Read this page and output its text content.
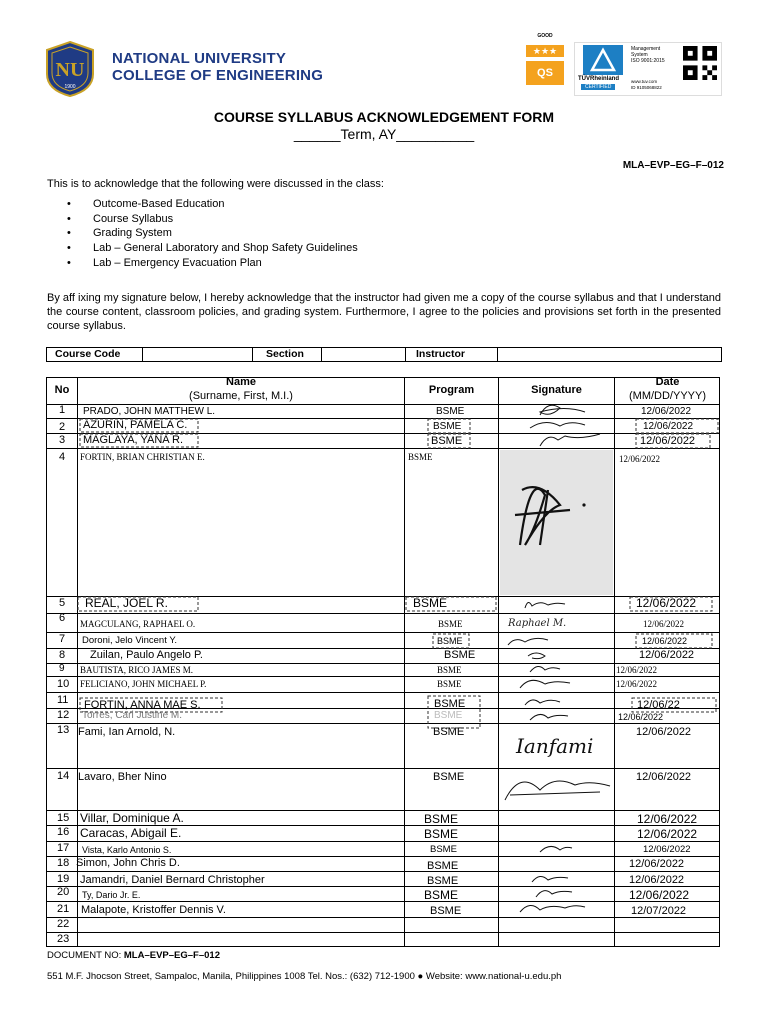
NU
1900
NATIONAL UNIVERSITY
COLLEGE OF ENGINEERING
GOOD
★★★
QS	TÜVRheinland
CERTIFIED
Management
System
ISO 9001:2015
www.tuv.com
ID 9105068822
COURSE SYLLABUS ACKNOWLEDGEMENT FORM
______Term, AY__________
MLA–EVP–EG–F–012
This is to acknowledge that the following were discussed in the class:
• Outcome-Based Education
• Course Syllabus
• Grading System
• Lab – General Laboratory and Shop Safety Guidelines
• Lab – Emergency Evacuation Plan
By aff ixing my signature below, I hereby acknowledge that the instructor had given me a copy of the course syllabus and that I understand the course content, classroom policies, and grading system. Furthermore, I agree to the policies and provisions set forth in the presented course syllabus.
Course Code	Section	Instructor
Ianfami
Raphael M.
No
Name
(Surname, First, M.I.)	Program	Signature
Date
(MM/DD/YYYY)
1 PRADO, JOHN MATTHEW L.	BSME	12/06/2022
2 AZURIN, PAMELA C.	BSME	12/06/2022
3 MAGLAYA, YANA R.	BSME	12/06/2022
4 FORTIN, BRIAN CHRISTIAN E.	BSME	12/06/2022
5 REAL, JOEL R.	BSME	12/06/2022
6 MAGCULANG, RAPHAEL O.	BSME	12/06/2022
7 Doroni, Jelo Vincent Y.	BSME	12/06/2022
8 Zuilan, Paulo Angelo P.	BSME	12/06/2022
9 BAUTISTA, RICO JAMES M.	BSME	12/06/2022
10 FELICIANO, JOHN MICHAEL P.	BSME	12/06/2022
11 FORTIN, ANNA MAE S.	BSME	12/06/22
12 Torres, Carl Justine M.	BSME	12/06/2022
13 Fami, Ian Arnold, N.	BSME	12/06/2022
14 Lavaro, Bher Nino	BSME	12/06/2022
15 Villar, Dominique A.	BSME	12/06/2022
16 Caracas, Abigail E.	BSME	12/06/2022
17 Vista, Karlo Antonio S.	BSME	12/06/2022
18 Simon, John Chris D.	BSME	12/06/2022
19 Jamandri, Daniel Bernard Christopher	BSME	12/06/2022
20 Ty, Dario Jr. E.	BSME	12/06/2022
21 Malapote, Kristoffer Dennis V.	BSME	12/07/2022
22
23
DOCUMENT NO: MLA–EVP–EG–F–012
551 M.F. Jhocson Street, Sampaloc, Manila, Philippines 1008 Tel. Nos.: (632) 712-1900 ● Website: www.national-u.edu.ph
